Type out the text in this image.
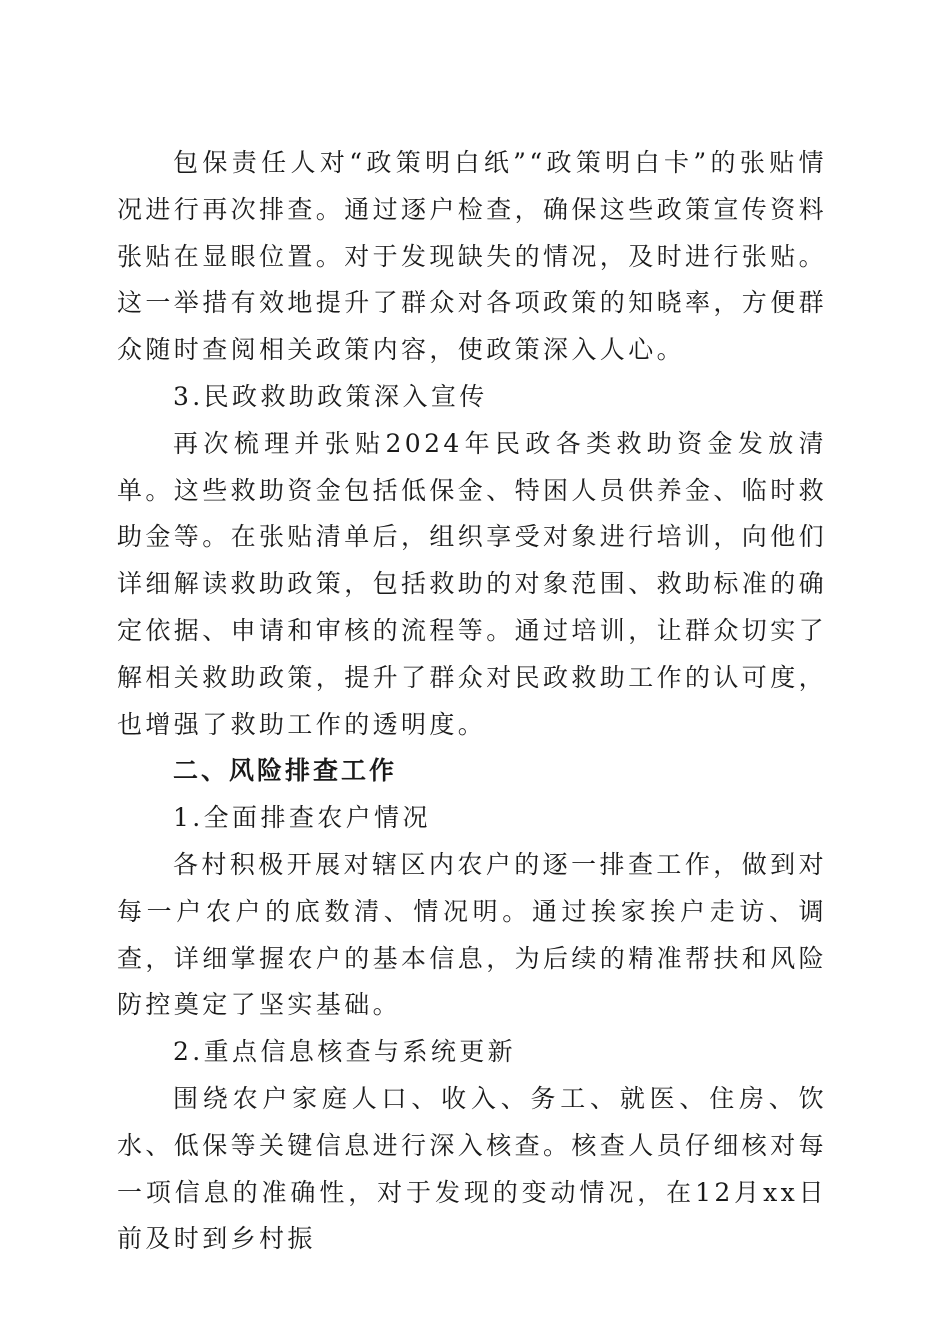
包保责任人对“政策明白纸”“政策明白卡”的张贴情况进行再次排查。通过逐户检查，确保这些政策宣传资料张贴在显眼位置。对于发现缺失的情况，及时进行张贴。这一举措有效地提升了群众对各项政策的知晓率，方便群众随时查阅相关政策内容，使政策深入人心。

3.民政救助政策深入宣传

再次梳理并张贴2024年民政各类救助资金发放清单。这些救助资金包括低保金、特困人员供养金、临时救助金等。在张贴清单后，组织享受对象进行培训，向他们详细解读救助政策，包括救助的对象范围、救助标准的确定依据、申请和审核的流程等。通过培训，让群众切实了解相关救助政策，提升了群众对民政救助工作的认可度，也增强了救助工作的透明度。

二、风险排查工作

1.全面排查农户情况

各村积极开展对辖区内农户的逐一排查工作，做到对每一户农户的底数清、情况明。通过挨家挨户走访、调查，详细掌握农户的基本信息，为后续的精准帮扶和风险防控奠定了坚实基础。

2.重点信息核查与系统更新

围绕农户家庭人口、收入、务工、就医、住房、饮水、低保等关键信息进行深入核查。核查人员仔细核对每一项信息的准确性，对于发现的变动情况，在12月xx日前及时到乡村振
